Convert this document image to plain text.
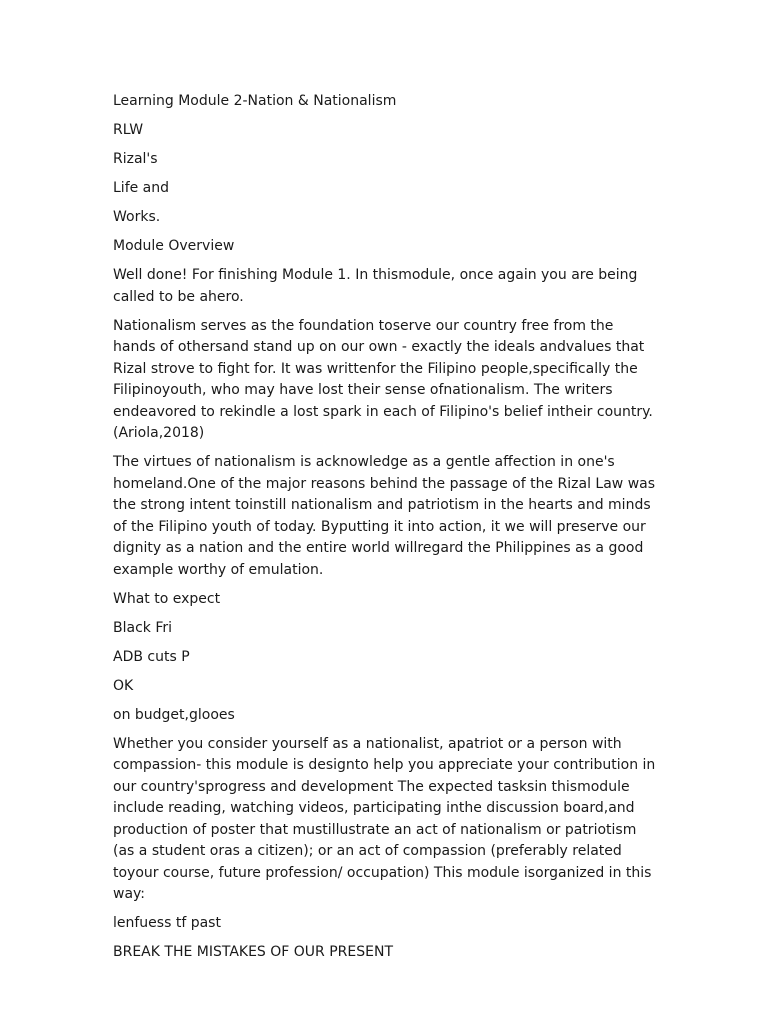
Learning Module 2-Nation & Nationalism

RLW

Rizal's

Life and

Works.

Module Overview

Well done! For finishing Module 1. In thismodule, once again you are being called to be ahero.

Nationalism serves as the foundation toserve our country free from the hands of othersand stand up on our own - exactly the ideals andvalues that Rizal strove to fight for. It was writtenfor the Filipino people,specifically the Filipinoyouth, who may have lost their sense ofnationalism. The writers endeavored to rekindle a lost spark in each of Filipino's belief intheir country. (Ariola,2018)

The virtues of nationalism is acknowledge as a gentle affection in one's homeland.One of the major reasons behind the passage of the Rizal Law was the strong intent toinstill nationalism and patriotism in the hearts and minds of the Filipino youth of today. Byputting it into action, it we will preserve our dignity as a nation and the entire world willregard the Philippines as a good example worthy of emulation.

What to expect

Black Fri

ADB cuts P

OK

on budget,glooes

Whether you consider yourself as a nationalist, apatriot or a person with compassion- this module is designto help you appreciate your contribution in our country'sprogress and development The expected tasksin thismodule include reading, watching videos, participating inthe discussion board,and production of poster that mustillustrate an act of nationalism or patriotism (as a student oras a citizen); or an act of compassion (preferably related toyour course, future profession/ occupation) This module isorganized in this way:

lenfuess tf past

BREAK THE MISTAKES OF OUR PRESENT
